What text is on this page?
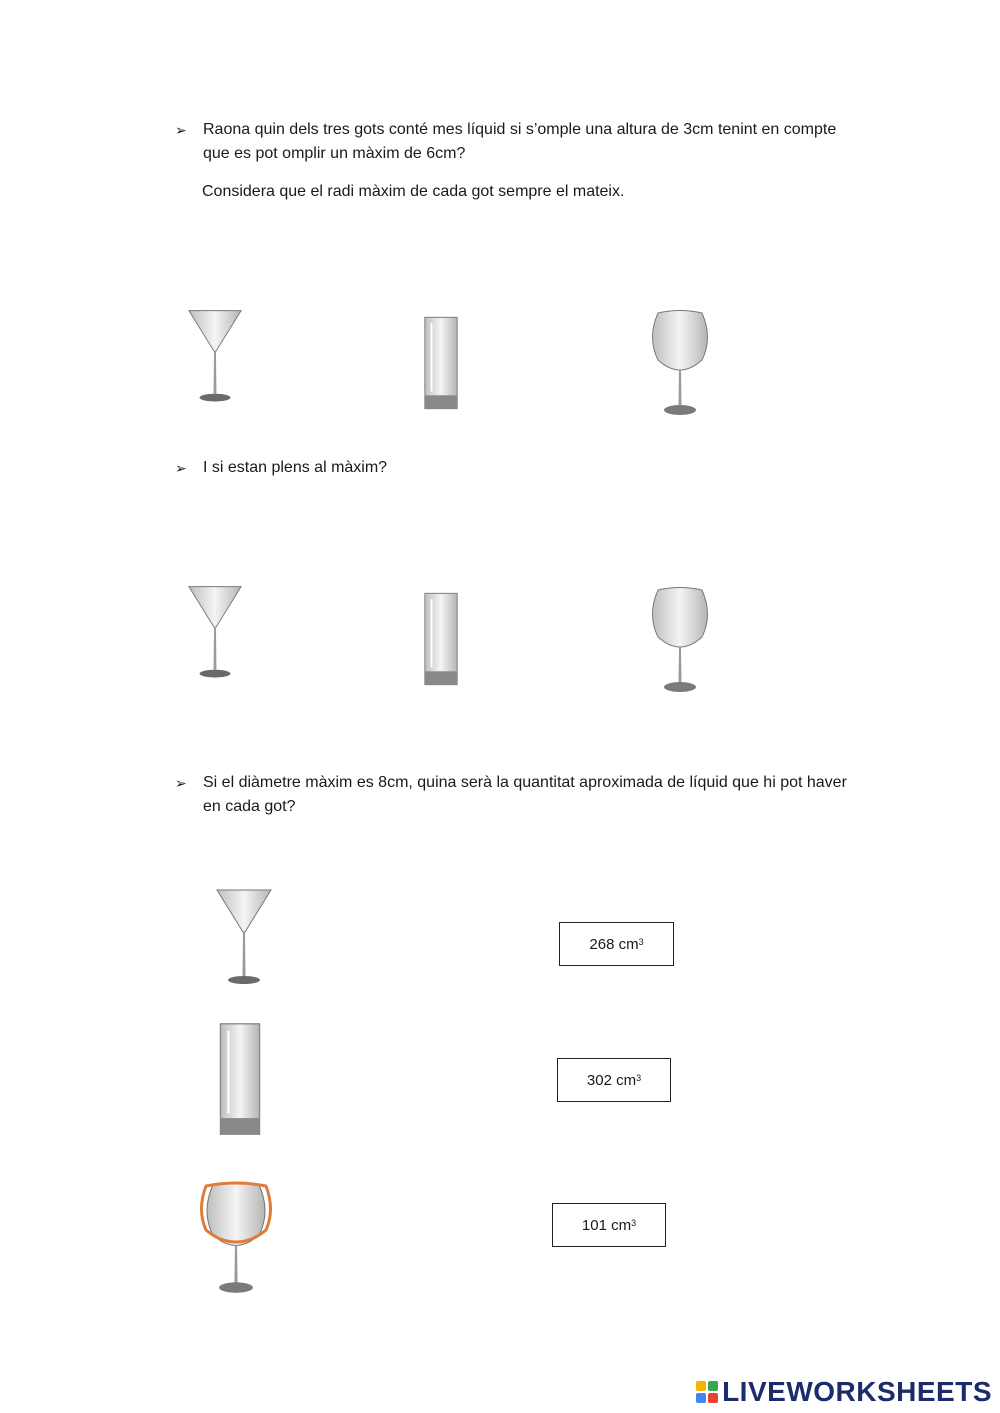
➢ Raona quin dels tres gots conté mes líquid si s’omple una altura de 3cm tenint en compte que es pot omplir un màxim de 6cm?
Considera que el radi màxim de cada got sempre el mateix.
➢ I si estan plens al màxim?
➢ Si el diàmetre màxim es 8cm, quina serà la quantitat aproximada de líquid que hi pot haver en cada got?
268 $cm^3$
302 $cm^3$
101 $cm^3$
LIVEWORKSHEETS
